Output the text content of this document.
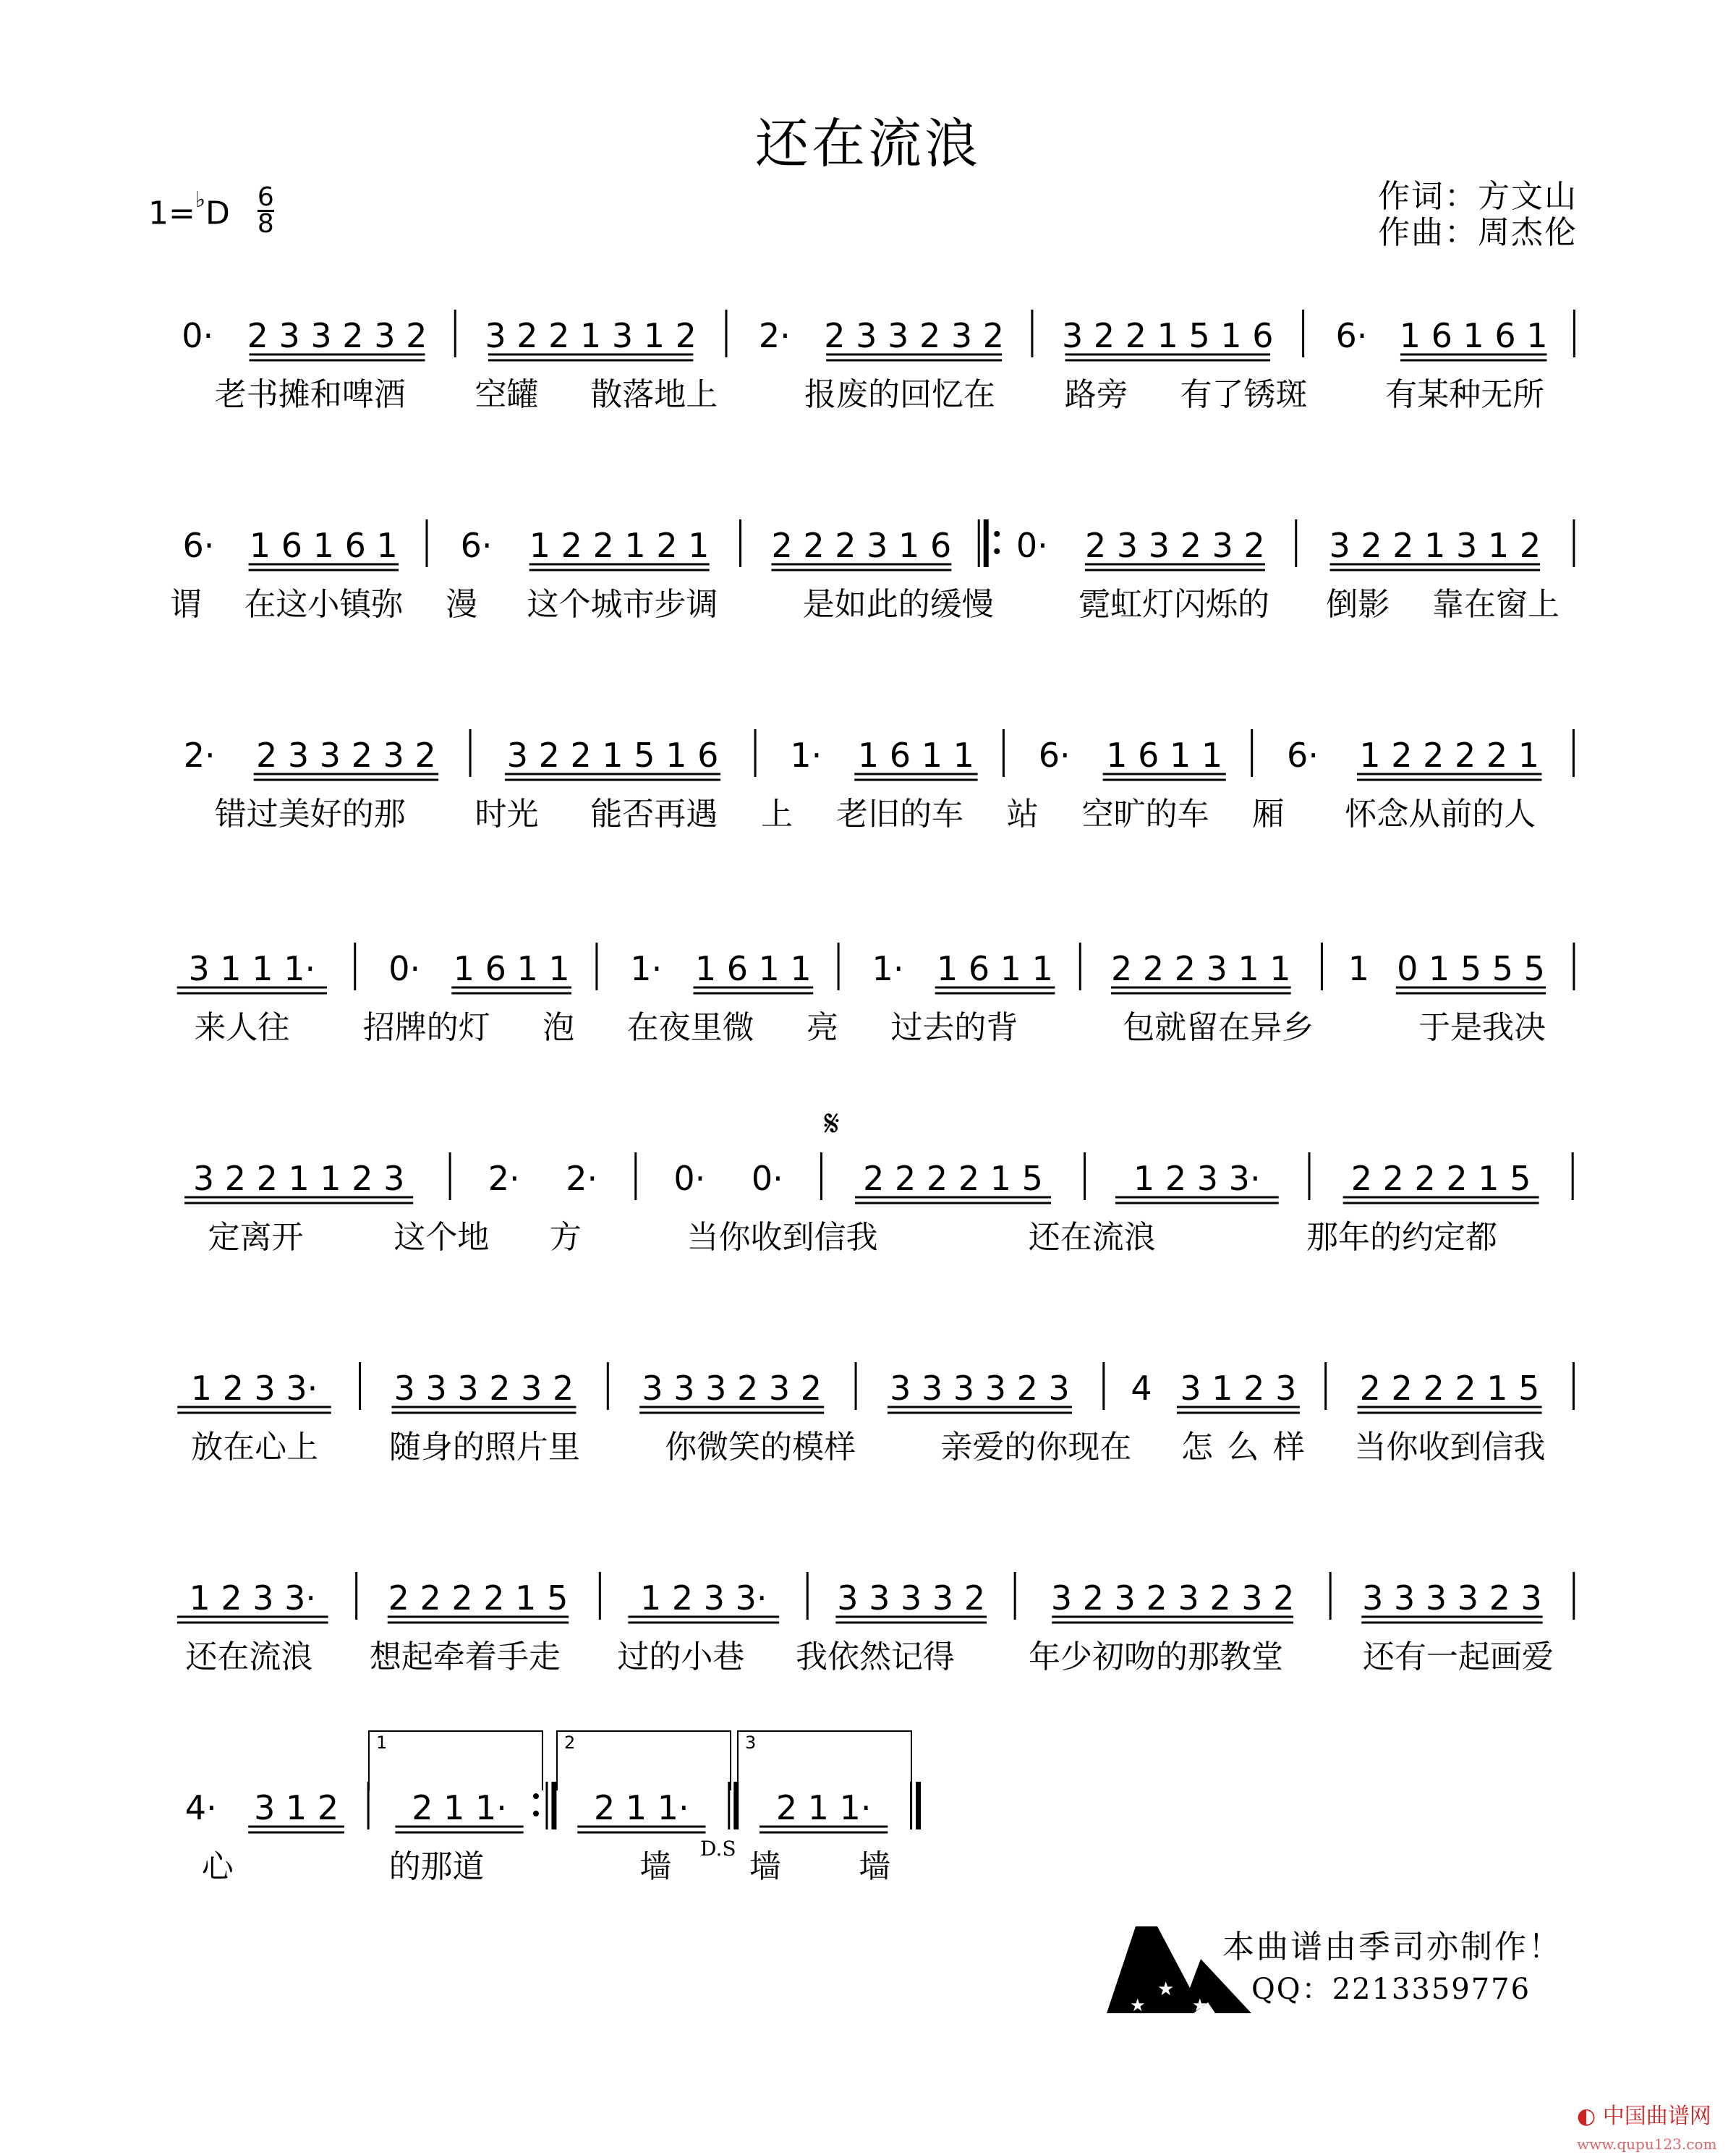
还在流浪
$1=^♭D \frac{6}{8}$	作词：方文山
作曲：周杰伦
0· 2 3 3 2 3 2 3 2 2 1 3 1 2 2· 2 3 3 2 3 2 3 2 2 1 5 1 6 6· 1 6 1 6 1
老书摊和啤酒 空罐 散落地上	报废的回忆在 路旁 有了锈斑 有某种无所
6· 1 6 1 6 1 6· 1 2 2 1 2 1 2 2 2 3 1 6 0· 2 3 3 2 3 2 3 2 2 1 3 1 2
谓 在这小镇弥 漫 这个城市步调	是如此的缓慢	霓虹灯闪烁的 倒影 靠在窗上
2· 2 3 3 2 3 2 3 2 2 1 5 1 6 1· 1 6 1 1 6· 1 6 1 1 6· 1 2 2 2 2 1
错过美好的那 时光 能否再遇 上 老旧的车 站 空旷的车 厢 怀念从前的人
3 1 1 1· 0· 1 6 1 1 1· 1 6 1 1 1· 1 6 1 1 2 2 2 3 1 1 1 0 1 5 5 5
来人往 招牌的灯 泡 在夜里微 亮 过去的背	包就留在异乡	于是我决
3 2 2 1 1 2 3	2· 2· 0· 0· 2 2 2 2 1 5	1 2 3 3·	2 2 2 2 1 5
定离开	这个地 方	当你收到信我	还在流浪	那年的约定都
𝄋
1 2 3 3· 3 3 3 2 3 2 3 3 3 2 3 2 3 3 3 3 2 3 4 3 1 2 3 2 2 2 2 1 5
放在心上 随身的照片里	你微笑的模样	亲爱的你现在 怎 么 样 当你收到信我
1 2 3 3· 2 2 2 2 1 5 1 2 3 3· 3 3 3 3 2 3 2 3 2 3 2 3 2 3 3 3 3 2 3
还在流浪 想起牵着手走 过的小巷 我依然记得 年少初吻的那教堂 还有一起画爱
4· 3 1 2 2 1 1·	2 1 1·	2 1 1·
心	的那道	墙 墙 墙
1	2	3
D.S
★
★
★
本曲谱由季司亦制作！
QQ：2213359776
◐ 中国曲谱网
www.qupu123.com
